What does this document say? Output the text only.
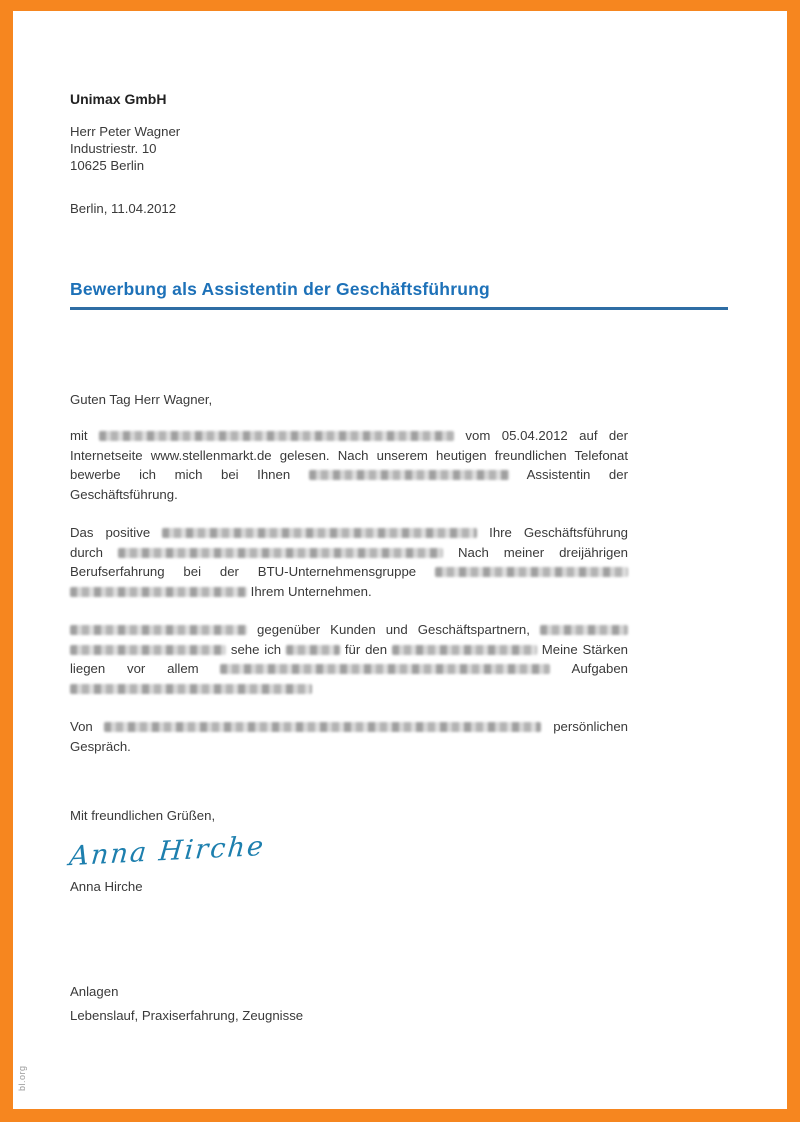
Unimax GmbH
Herr Peter Wagner
Industriestr. 10
10625 Berlin
Berlin, 11.04.2012
Bewerbung als Assistentin der Geschäftsführung
Guten Tag Herr Wagner,

mit	vom 05.04.2012 auf der Internetseite www.stellenmarkt.de gelesen. Nach unserem heutigen freundlichen Telefonat bewerbe ich mich bei Ihnen	Assistentin der Geschäftsführung.

Das positive	Ihre Geschäftsführung durch	Nach meiner dreijährigen Berufserfahrung bei der BTU-Unternehmensgruppe   Ihrem Unternehmen.

gegenüber Kunden und Geschäftspartnern,   sehe ich	für den	Meine Stärken liegen vor allem	Aufgaben

Von	persönlichen Gespräch.

Mit freundlichen Grüßen,
Anna Hirche
Anna Hirche
Anlagen
Lebenslauf, Praxiserfahrung, Zeugnisse
bl.org
